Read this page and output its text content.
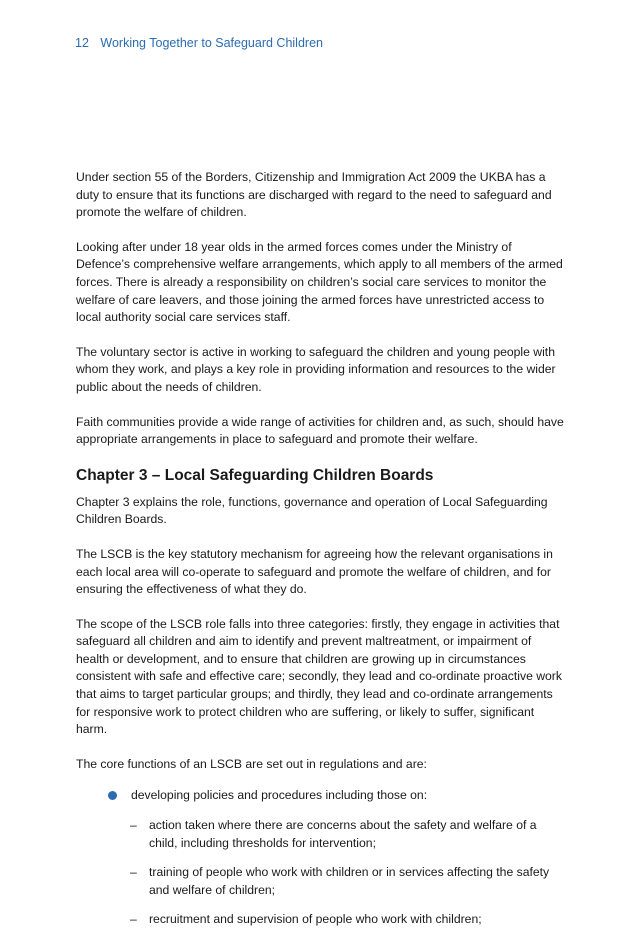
12 Working Together to Safeguard Children

Under section 55 of the Borders, Citizenship and Immigration Act 2009 the UKBA has a duty to ensure that its functions are discharged with regard to the need to safeguard and promote the welfare of children.

Looking after under 18 year olds in the armed forces comes under the Ministry of Defence’s comprehensive welfare arrangements, which apply to all members of the armed forces. There is already a responsibility on children’s social care services to monitor the welfare of care leavers, and those joining the armed forces have unrestricted access to local authority social care services staff.

The voluntary sector is active in working to safeguard the children and young people with whom they work, and plays a key role in providing information and resources to the wider public about the needs of children.

Faith communities provide a wide range of activities for children and, as such, should have appropriate arrangements in place to safeguard and promote their welfare.

Chapter 3 – Local Safeguarding Children Boards

Chapter 3 explains the role, functions, governance and operation of Local Safeguarding Children Boards.

The LSCB is the key statutory mechanism for agreeing how the relevant organisations in each local area will co-operate to safeguard and promote the welfare of children, and for ensuring the effectiveness of what they do.

The scope of the LSCB role falls into three categories: firstly, they engage in activities that safeguard all children and aim to identify and prevent maltreatment, or impairment of health or development, and to ensure that children are growing up in circumstances consistent with safe and effective care; secondly, they lead and co-ordinate proactive work that aims to target particular groups; and thirdly, they lead and co-ordinate arrangements for responsive work to protect children who are suffering, or likely to suffer, significant harm.

The core functions of an LSCB are set out in regulations and are:

developing policies and procedures including those on:
– action taken where there are concerns about the safety and welfare of a child, including thresholds for intervention;
– training of people who work with children or in services affecting the safety and welfare of children;
– recruitment and supervision of people who work with children;
